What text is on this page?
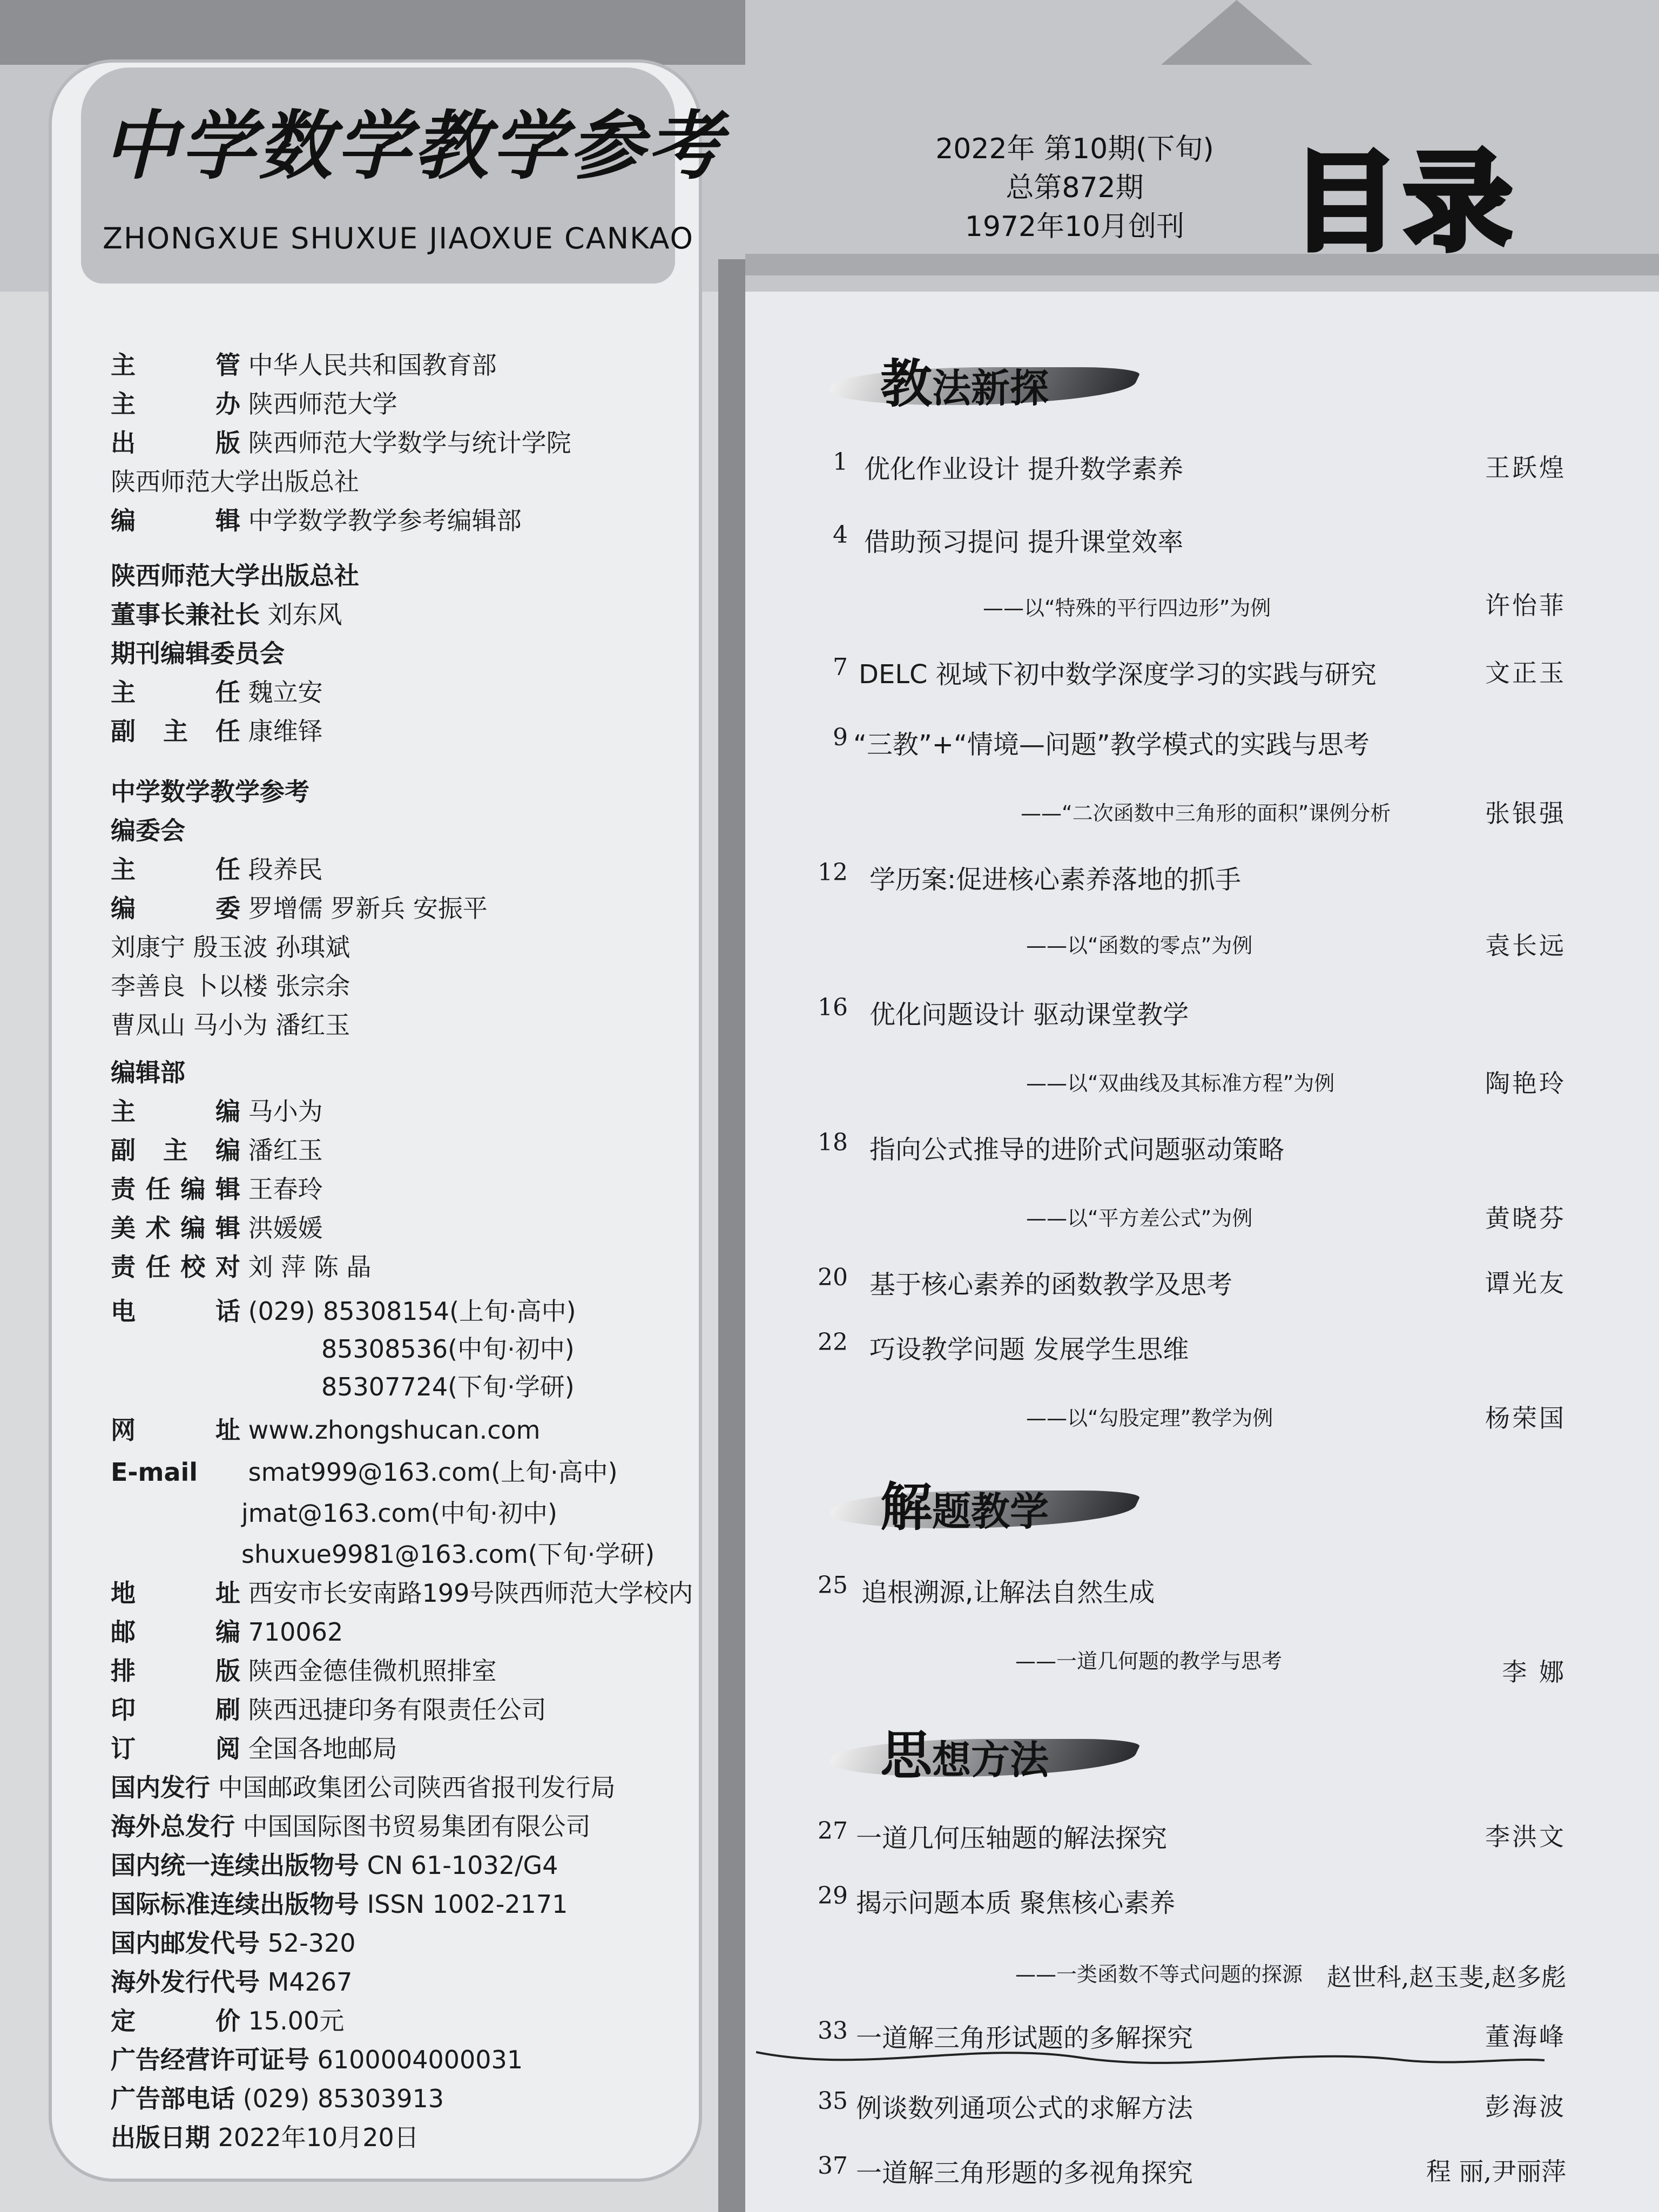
中学数学教学参考
ZHONGXUE SHUXUE JIAOXUE CANKAO
主管 中华人民共和国教育部
主办 陕西师范大学
出版 陕西师范大学数学与统计学院
陕西师范大学出版总社
编辑 中学数学教学参考编辑部
陕西师范大学出版总社
董事长兼社长 刘东风
期刊编辑委员会
主任 魏立安
副主任 康维铎
中学数学教学参考
编委会
主任 段养民
编委 罗增儒 罗新兵 安振平
刘康宁 殷玉波 孙琪斌
李善良 卜以楼 张宗余
曹凤山 马小为 潘红玉
编辑部
主编 马小为
副主编 潘红玉
责任编辑 王春玲
美术编辑 洪媛媛
责任校对 刘 萍 陈 晶
电话 (029) 85308154(上旬·高中)
85308536(中旬·初中)
85307724(下旬·学研)
网址 www.zhongshucan.com
E-mail smat999@163.com(上旬·高中)
jmat@163.com(中旬·初中)
shuxue9981@163.com(下旬·学研)
地址 西安市长安南路199号陕西师范大学校内
邮编 710062
排版 陕西金德佳微机照排室
印刷 陕西迅捷印务有限责任公司
订阅 全国各地邮局
国内发行 中国邮政集团公司陕西省报刊发行局
海外总发行 中国国际图书贸易集团有限公司
国内统一连续出版物号 CN 61-1032/G4
国际标准连续出版物号 ISSN 1002-2171
国内邮发代号 52-320
海外发行代号 M4267
定价 15.00元
广告经营许可证号 6100004000031
广告部电话 (029) 85303913
出版日期 2022年10月20日
2022年 第10期(下旬)
总第872期
1972年10月创刊 目录
教法新探
解题教学
思想方法
1 优化作业设计 提升数学素养	王跃煌
4 借助预习提问 提升课堂效率
——以“特殊的平行四边形”为例	许怡菲
7 DELC 视域下初中数学深度学习的实践与研究	文正玉
9 “三教”+“情境—问题”教学模式的实践与思考
——“二次函数中三角形的面积”课例分析	张银强
12 学历案:促进核心素养落地的抓手
——以“函数的零点”为例	袁长远
16 优化问题设计 驱动课堂教学
——以“双曲线及其标准方程”为例	陶艳玲
18 指向公式推导的进阶式问题驱动策略
——以“平方差公式”为例	黄晓芬
20 基于核心素养的函数教学及思考	谭光友
22 巧设教学问题 发展学生思维
——以“勾股定理”教学为例	杨荣国
25 追根溯源,让解法自然生成
——一道几何题的教学与思考	李 娜
27 一道几何压轴题的解法探究	李洪文
29 揭示问题本质 聚焦核心素养
——一类函数不等式问题的探源 赵世科,赵玉斐,赵多彪
33 一道解三角形试题的多解探究	董海峰
35 例谈数列通项公式的求解方法	彭海波
37 一道解三角形题的多视角探究	程 丽,尹丽萍
